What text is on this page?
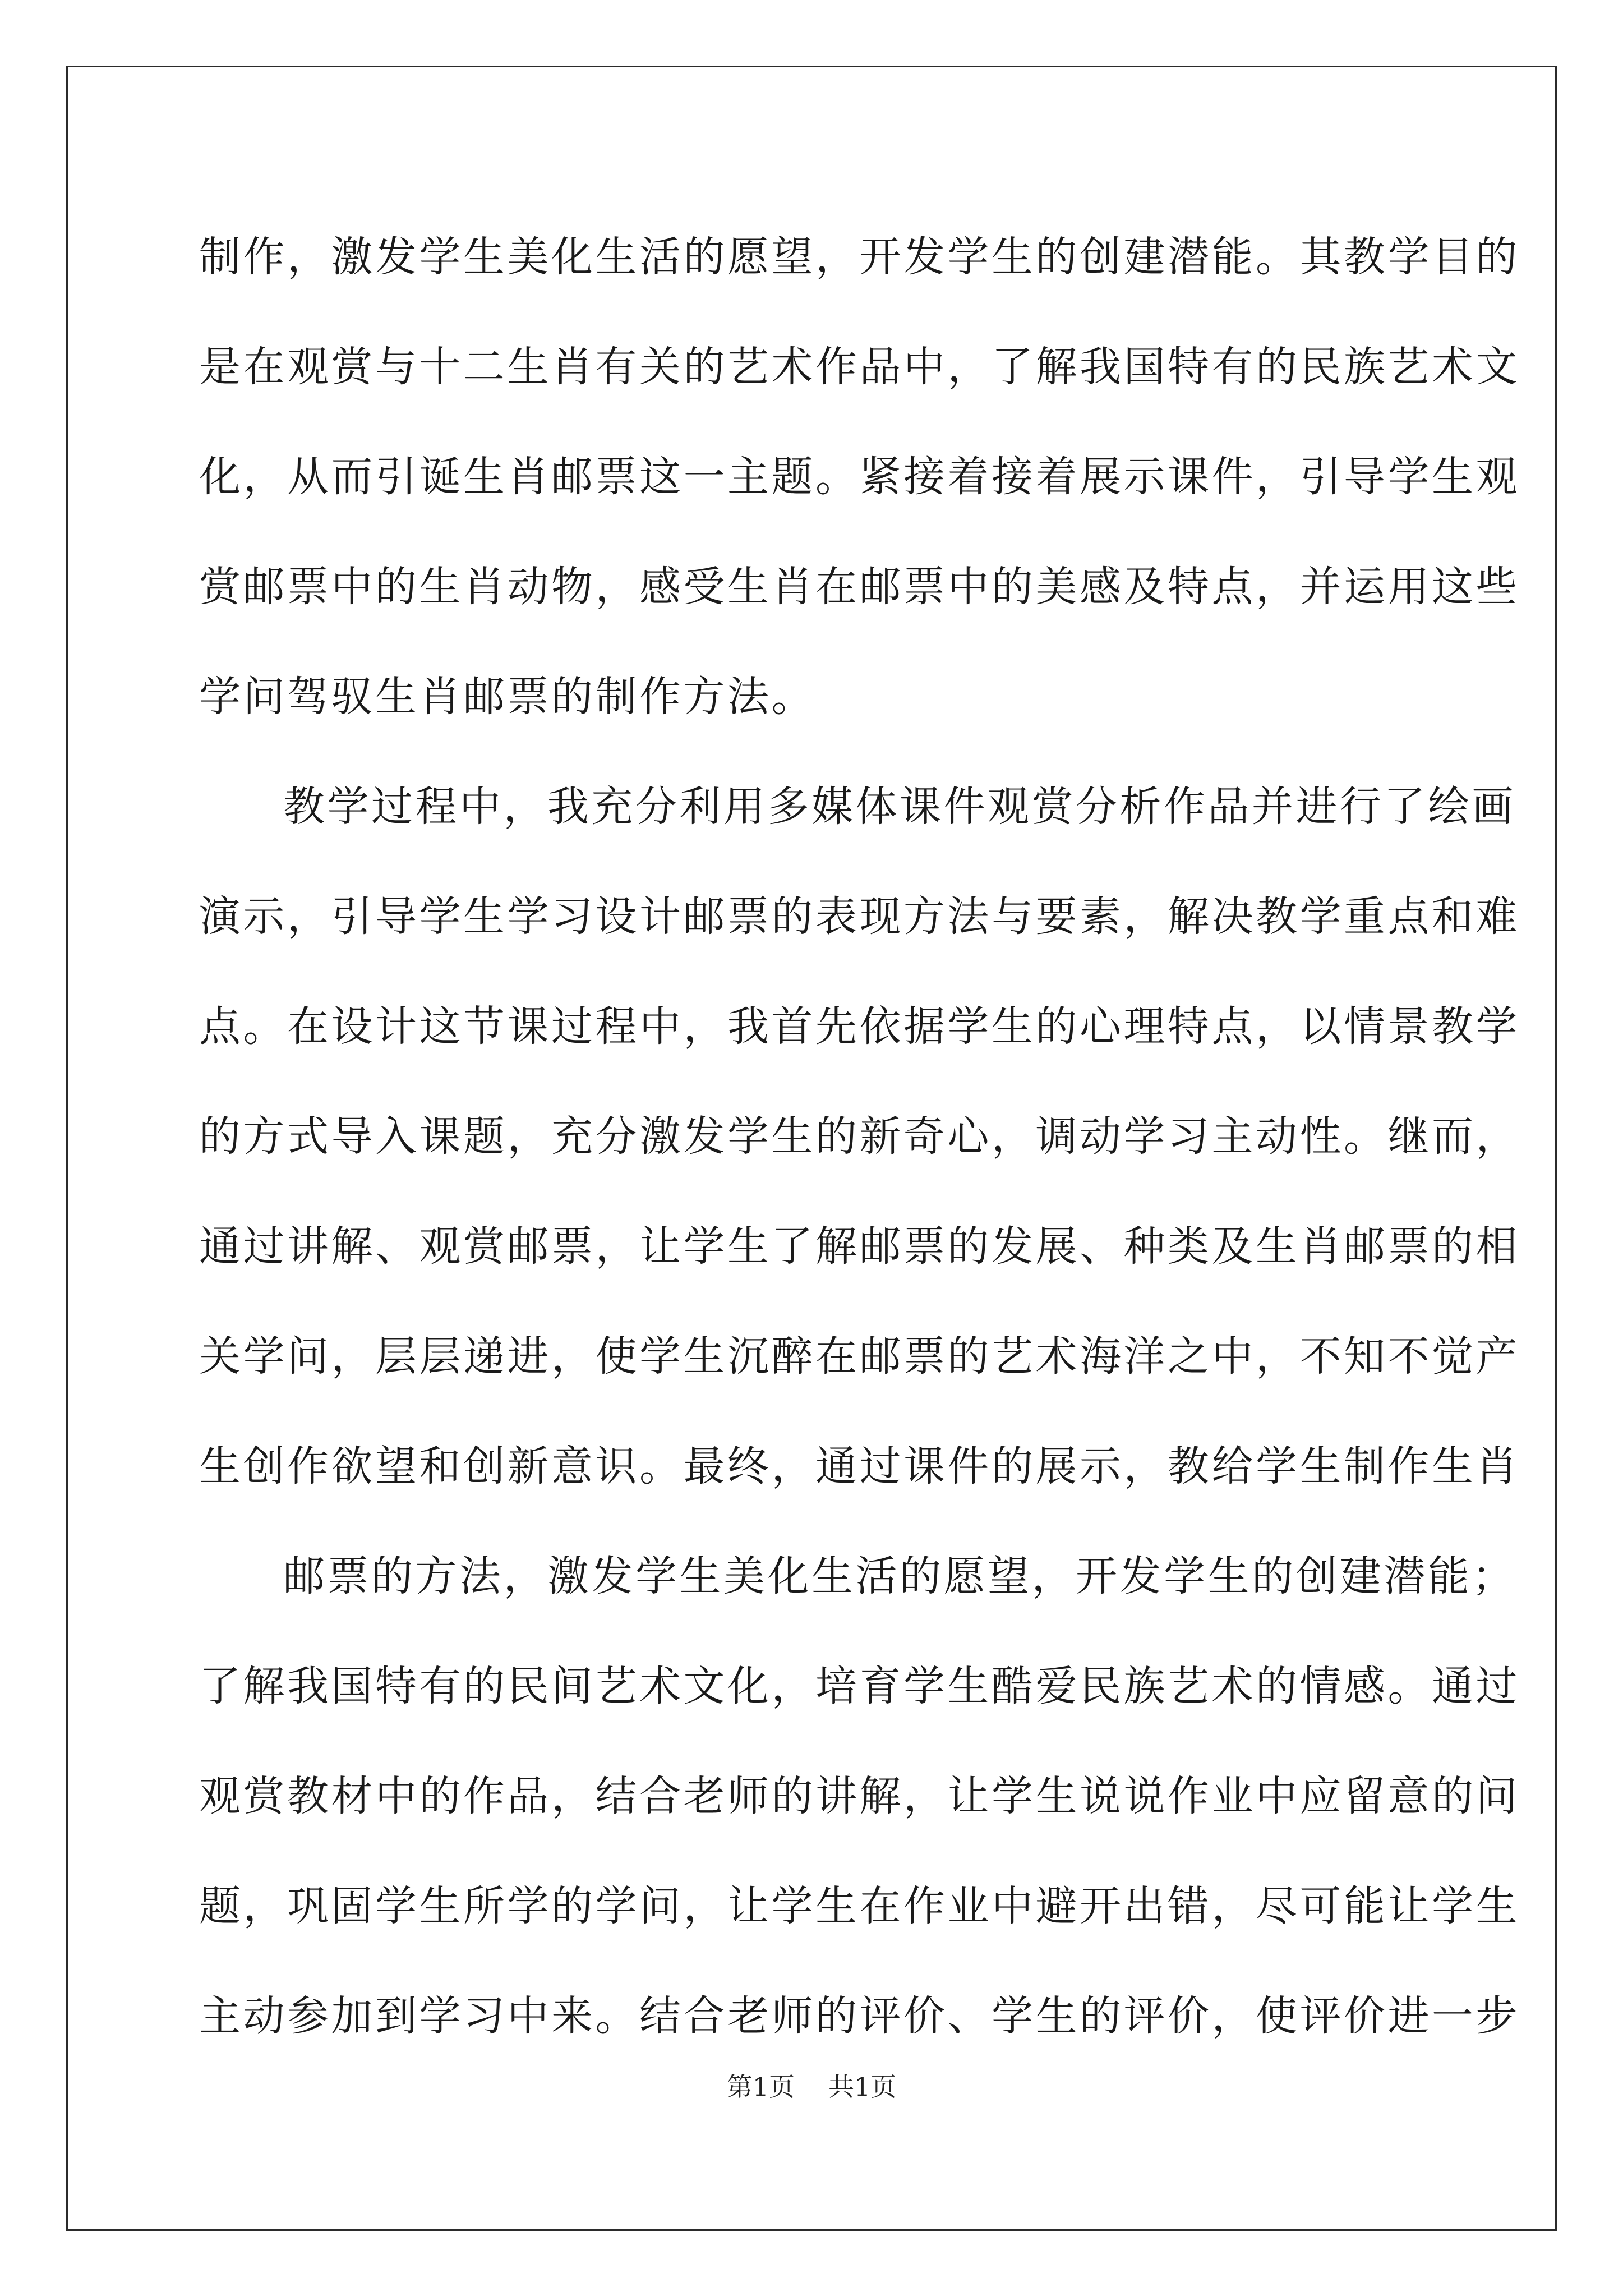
制作，激发学生美化生活的愿望，开发学生的创建潜能。其教学目的
是在观赏与十二生肖有关的艺术作品中，了解我国特有的民族艺术文
化，从而引诞生肖邮票这一主题。紧接着接着展示课件，引导学生观
赏邮票中的生肖动物，感受生肖在邮票中的美感及特点，并运用这些
学问驾驭生肖邮票的制作方法。
教学过程中，我充分利用多媒体课件观赏分析作品并进行了绘画
演示，引导学生学习设计邮票的表现方法与要素，解决教学重点和难
点。在设计这节课过程中，我首先依据学生的心理特点，以情景教学
的方式导入课题，充分激发学生的新奇心，调动学习主动性。继而，
通过讲解、观赏邮票，让学生了解邮票的发展、种类及生肖邮票的相
关学问，层层递进，使学生沉醉在邮票的艺术海洋之中，不知不觉产
生创作欲望和创新意识。最终，通过课件的展示，教给学生制作生肖
邮票的方法，激发学生美化生活的愿望，开发学生的创建潜能；
了解我国特有的民间艺术文化，培育学生酷爱民族艺术的情感。通过
观赏教材中的作品，结合老师的讲解，让学生说说作业中应留意的问
题，巩固学生所学的学问，让学生在作业中避开出错，尽可能让学生
主动参加到学习中来。结合老师的评价、学生的评价，使评价进一步
第1页 共1页
